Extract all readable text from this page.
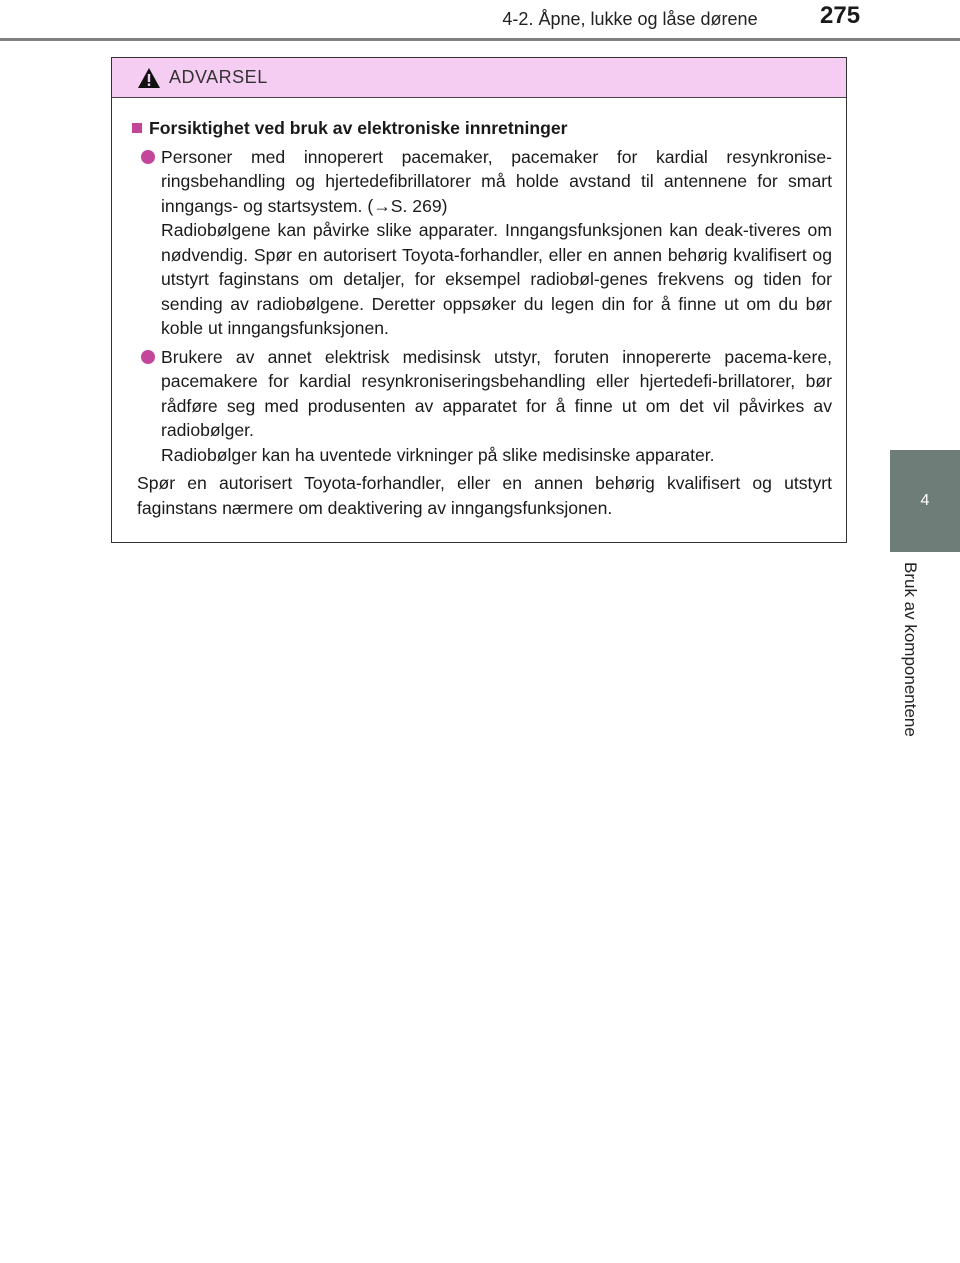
4-2. Åpne, lukke og låse dørene	275
4
Bruk av komponentene
ADVARSEL
Forsiktighet ved bruk av elektroniske innretninger

Personer med innoperert pacemaker, pacemaker for kardial resynkronise-ringsbehandling og hjertedefibrillatorer må holde avstand til antennene for smart inngangs- og startsystem. (→S. 269)

Radiobølgene kan påvirke slike apparater. Inngangsfunksjonen kan deak-tiveres om nødvendig. Spør en autorisert Toyota-forhandler, eller en annen behørig kvalifisert og utstyrt faginstans om detaljer, for eksempel radiobøl-genes frekvens og tiden for sending av radiobølgene. Deretter oppsøker du legen din for å finne ut om du bør koble ut inngangsfunksjonen.

Brukere av annet elektrisk medisinsk utstyr, foruten innopererte pacema-kere, pacemakere for kardial resynkroniseringsbehandling eller hjertedefi-brillatorer, bør rådføre seg med produsenten av apparatet for å finne ut om det vil påvirkes av radiobølger.

Radiobølger kan ha uventede virkninger på slike medisinske apparater.

Spør en autorisert Toyota-forhandler, eller en annen behørig kvalifisert og utstyrt faginstans nærmere om deaktivering av inngangsfunksjonen.
